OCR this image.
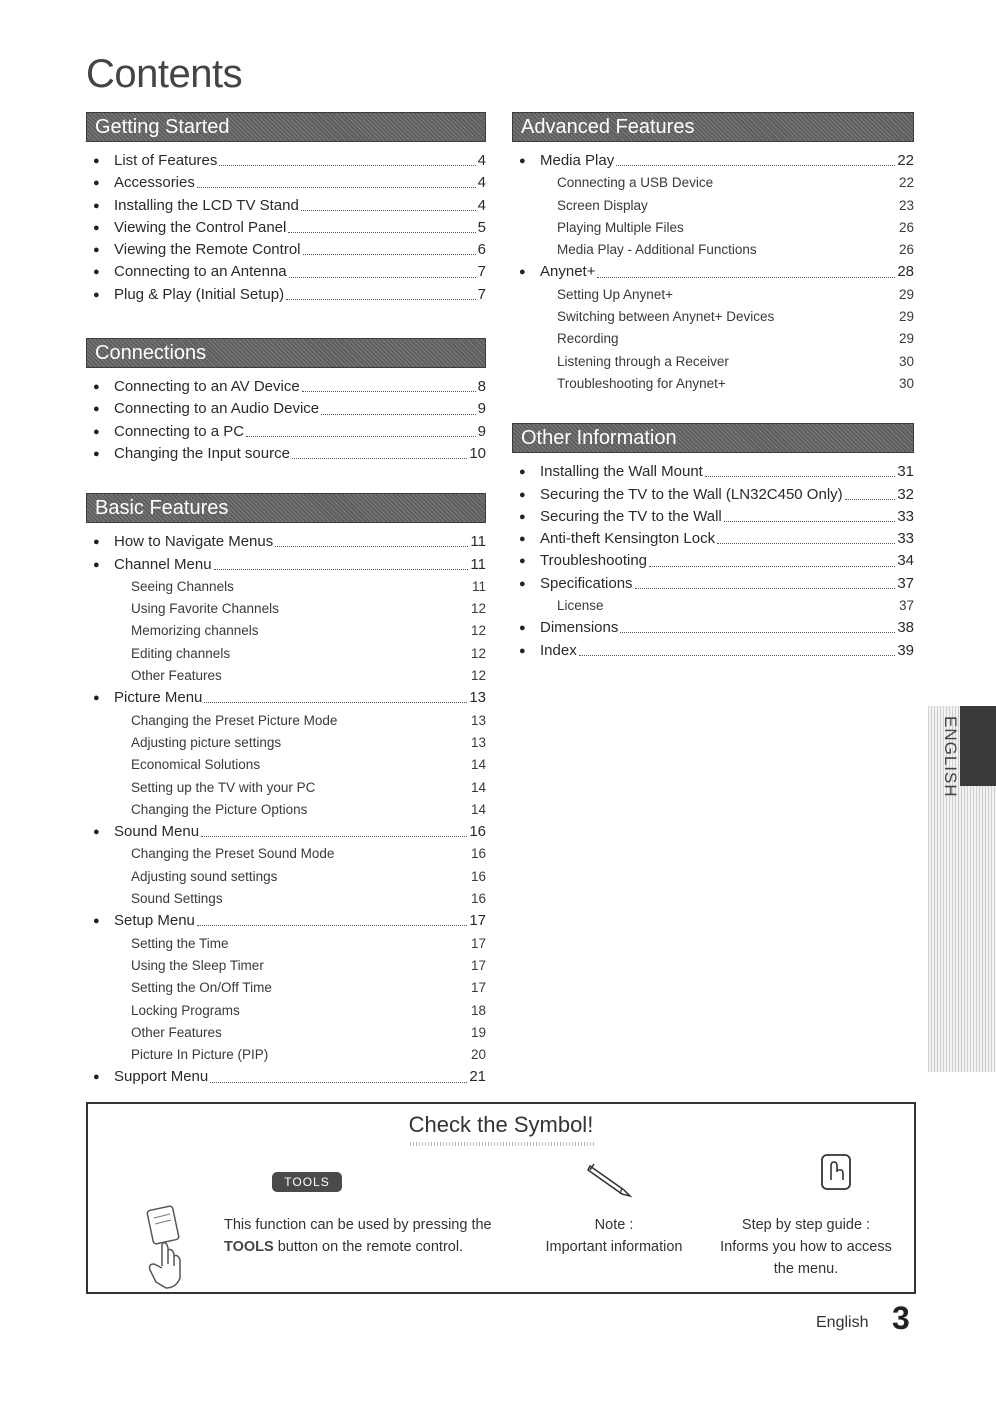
Contents
Getting Started
● List of Features	4
● Accessories	4
● Installing the LCD TV Stand	4
● Viewing the Control Panel	5
● Viewing the Remote Control	6
● Connecting to an Antenna	7
● Plug & Play (Initial Setup)	7
Connections
● Connecting to an AV Device	8
● Connecting to an Audio Device	9
● Connecting to a PC	9
● Changing the Input source	10
Basic Features
● How to Navigate Menus	11
● Channel Menu	11
Seeing Channels	11
Using Favorite Channels	12
Memorizing channels	12
Editing channels	12
Other Features	12
● Picture Menu	13
Changing the Preset Picture Mode	13
Adjusting picture settings	13
Economical Solutions	14
Setting up the TV with your PC	14
Changing the Picture Options	14
● Sound Menu	16
Changing the Preset Sound Mode	16
Adjusting sound settings	16
Sound Settings	16
● Setup Menu	17
Setting the Time	17
Using the Sleep Timer	17
Setting the On/Off Time	17
Locking Programs	18
Other Features	19
Picture In Picture (PIP)	20
● Support Menu	21
Advanced Features
● Media Play	22
Connecting a USB Device	22
Screen Display	23
Playing Multiple Files	26
Media Play - Additional Functions	26
● Anynet+	28
Setting Up Anynet+	29
Switching between Anynet+ Devices	29
Recording	29
Listening through a Receiver	30
Troubleshooting for Anynet+	30
Other Information
● Installing the Wall Mount	31
● Securing the TV to the Wall (LN32C450 Only)	32
● Securing the TV to the Wall	33
● Anti-theft Kensington Lock	33
● Troubleshooting	34
● Specifications	37
License	37
● Dimensions	38
● Index	39
ENGLISH
Check the Symbol!
TOOLS
This function can be used by pressing the
TOOLS button on the remote control.
Note :
Important information
Step by step guide :
Informs you how to access the menu.
English 3
